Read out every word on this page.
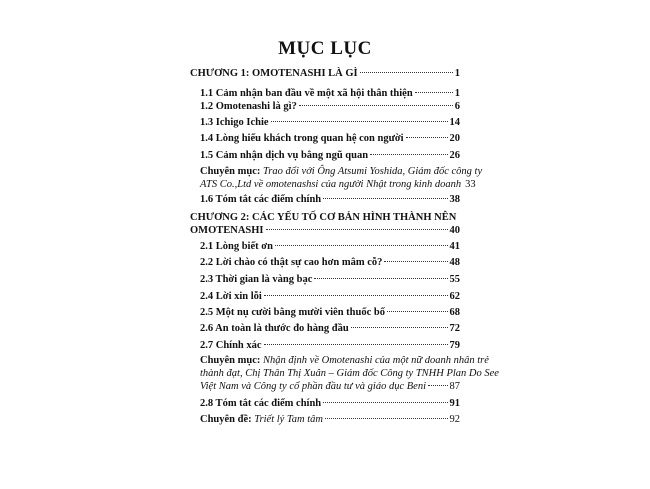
MỤC LỤC
CHƯƠNG 1: OMOTENASHI LÀ GÌ	1
1.1 Cảm nhận ban đầu về một xã hội thân thiện	1
1.2 Omotenashi là gì?	6
1.3 Ichigo Ichie	14
1.4 Lòng hiếu khách trong quan hệ con người	20
1.5 Cảm nhận dịch vụ bằng ngũ quan	26
Chuyên mục: Trao đổi với Ông Atsumi Yoshida, Giám đốc công ty
ATS Co.,Ltd về omotenashsi của người Nhật trong kinh doanh 33
1.6 Tóm tắt các điểm chính	38
CHƯƠNG 2: CÁC YẾU TỐ CƠ BẢN HÌNH THÀNH NÊN
OMOTENASHI	40
2.1 Lòng biết ơn	41
2.2 Lời chào có thật sự cao hơn mâm cỗ?	48
2.3 Thời gian là vàng bạc	55
2.4 Lời xin lỗi	62
2.5 Một nụ cười bằng mười viên thuốc bổ	68
2.6 An toàn là thước đo hàng đầu	72
2.7 Chính xác	79
Chuyên mục: Nhận định về Omotenashi của một nữ doanh nhân trẻ
thành đạt, Chị Thân Thị Xuân – Giám đốc Công ty TNHH Plan Do See
Việt Nam và Công ty cổ phần đầu tư và giáo dục Beni 87
2.8 Tóm tắt các điểm chính	91
Chuyên đề: Triết lý Tam tâm	92
